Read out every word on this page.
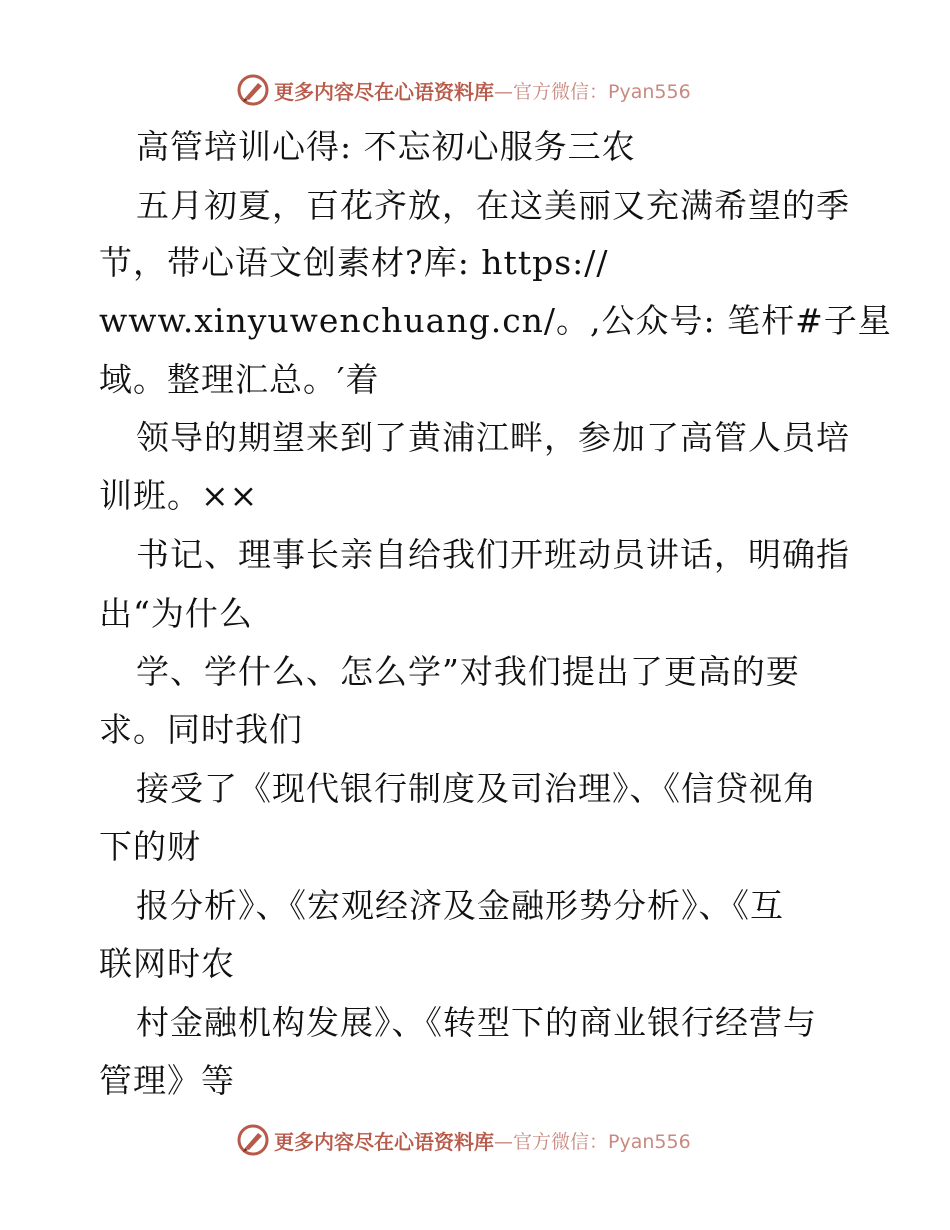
更多内容尽在心语资料库 —官方微信：Pyan556
高管培训心得: 不忘初心服务三农
五月初夏，百花齐放，在这美丽又充满希望的季
节，带心语文创素材?库: https://
www.xinyuwenchuang.cn/。,公众号: 笔杆#子星
域。整理汇总。′着
领导的期望来到了黄浦江畔，参加了高管人员培
训班。××
书记、理事长亲自给我们开班动员讲话，明确指
出“为什么
学、学什么、怎么学”对我们提出了更高的要
求。同时我们
接受了《现代银行制度及司治理》、《信贷视角
下的财
报分析》、《宏观经济及金融形势分析》、《互
联网时农
村金融机构发展》、《转型下的商业银行经营与
管理》等
更多内容尽在心语资料库 —官方微信：Pyan556
